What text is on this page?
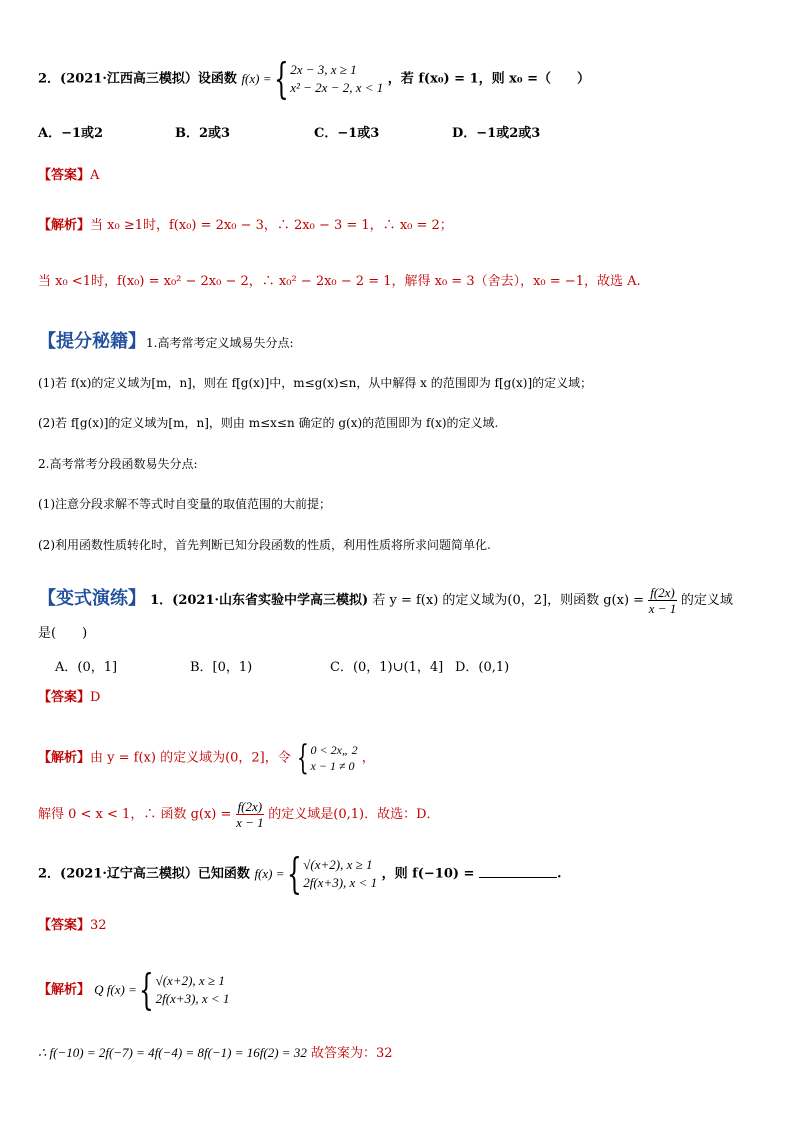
2．(2021·江西高三模拟）设函数 f(x) = { 2x − 3, x ≥ 1
x² − 2x − 2, x < 1
，若 f(x₀) = 1，则 x₀ =（　　）
A．−1或2	B．2或3	C．−1或3	D．−1或2或3
【答案】A
【解析】当 x₀ ≥1时，f(x₀) = 2x₀ − 3，∴ 2x₀ − 3 = 1，∴ x₀ = 2；
当 x₀ <1时，f(x₀) = x₀² − 2x₀ − 2，∴ x₀² − 2x₀ − 2 = 1，解得 x₀ = 3（舍去），x₀ = −1，故选 A.
【提分秘籍】1.高考常考定义域易失分点:
(1)若 f(x)的定义域为[m，n]，则在 f[g(x)]中，m≤g(x)≤n，从中解得 x 的范围即为 f[g(x)]的定义域；
(2)若 f[g(x)]的定义域为[m，n]，则由 m≤x≤n 确定的 g(x)的范围即为 f(x)的定义域.
2.高考常考分段函数易失分点:
(1)注意分段求解不等式时自变量的取值范围的大前提；
(2)利用函数性质转化时，首先判断已知分段函数的性质，利用性质将所求问题简单化.
【变式演练】 1．(2021·山东省实验中学高三模拟) 若 y = f(x) 的定义域为(0，2]，则函数 $g(x) = \frac{f(2x)}{x - 1}$ 的定义域
是(　　)
A．(0，1]	B．[0，1)	C．(0，1)∪(1，4] D．(0,1)
【答案】D
【解析】由 y = f(x) 的定义域为(0，2]，令 { 0 < 2x„ 2
x − 1 ≠ 0
，
解得 0 < x < 1，∴ 函数 $g(x) = \frac{f(2x)}{x - 1}$ 的定义域是(0,1)．故选：D．
2．(2021·辽宁高三模拟）已知函数 f(x) = { √(x+2), x ≥ 1
2f(x+3), x < 1
，则 f(−10) =	.
【答案】32
【解析】 Q f(x) = { √(x+2), x ≥ 1
2f(x+3), x < 1
∴ f(−10) = 2f(−7) = 4f(−4) = 8f(−1) = 16f(2) = 32 故答案为：32
